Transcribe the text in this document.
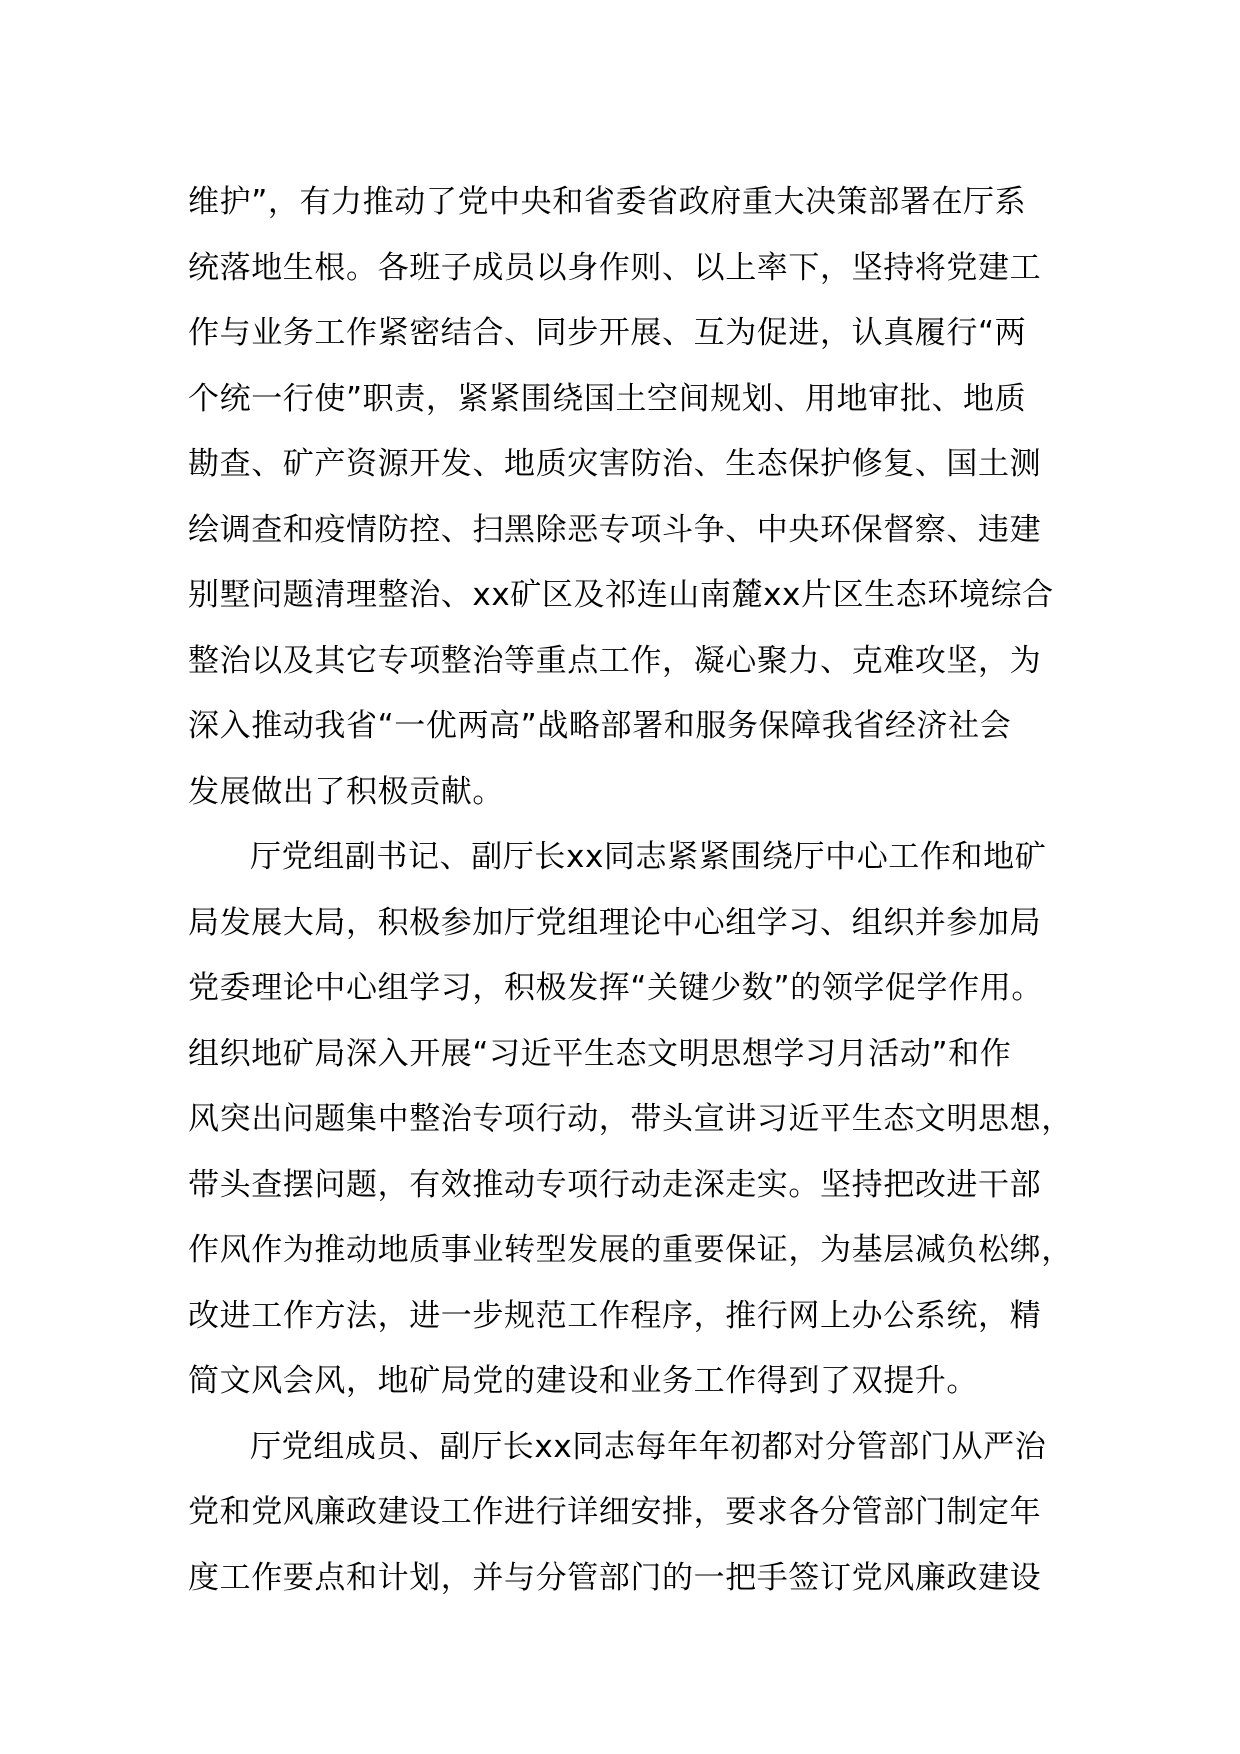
维护”，有力推动了党中央和省委省政府重大决策部署在厅系
统落地生根。各班子成员以身作则、以上率下，坚持将党建工
作与业务工作紧密结合、同步开展、互为促进，认真履行“两
个统一行使”职责，紧紧围绕国土空间规划、用地审批、地质
勘查、矿产资源开发、地质灾害防治、生态保护修复、国土测
绘调查和疫情防控、扫黑除恶专项斗争、中央环保督察、违建
别墅问题清理整治、xx矿区及祁连山南麓xx片区生态环境综合
整治以及其它专项整治等重点工作，凝心聚力、克难攻坚，为
深入推动我省“一优两高”战略部署和服务保障我省经济社会
发展做出了积极贡献。
厅党组副书记、副厅长xx同志紧紧围绕厅中心工作和地矿
局发展大局，积极参加厅党组理论中心组学习、组织并参加局
党委理论中心组学习，积极发挥“关键少数”的领学促学作用。
组织地矿局深入开展“习近平生态文明思想学习月活动”和作
风突出问题集中整治专项行动，带头宣讲习近平生态文明思想，
带头查摆问题，有效推动专项行动走深走实。坚持把改进干部
作风作为推动地质事业转型发展的重要保证，为基层减负松绑，
改进工作方法，进一步规范工作程序，推行网上办公系统，精
简文风会风，地矿局党的建设和业务工作得到了双提升。
厅党组成员、副厅长xx同志每年年初都对分管部门从严治
党和党风廉政建设工作进行详细安排，要求各分管部门制定年
度工作要点和计划，并与分管部门的一把手签订党风廉政建设
